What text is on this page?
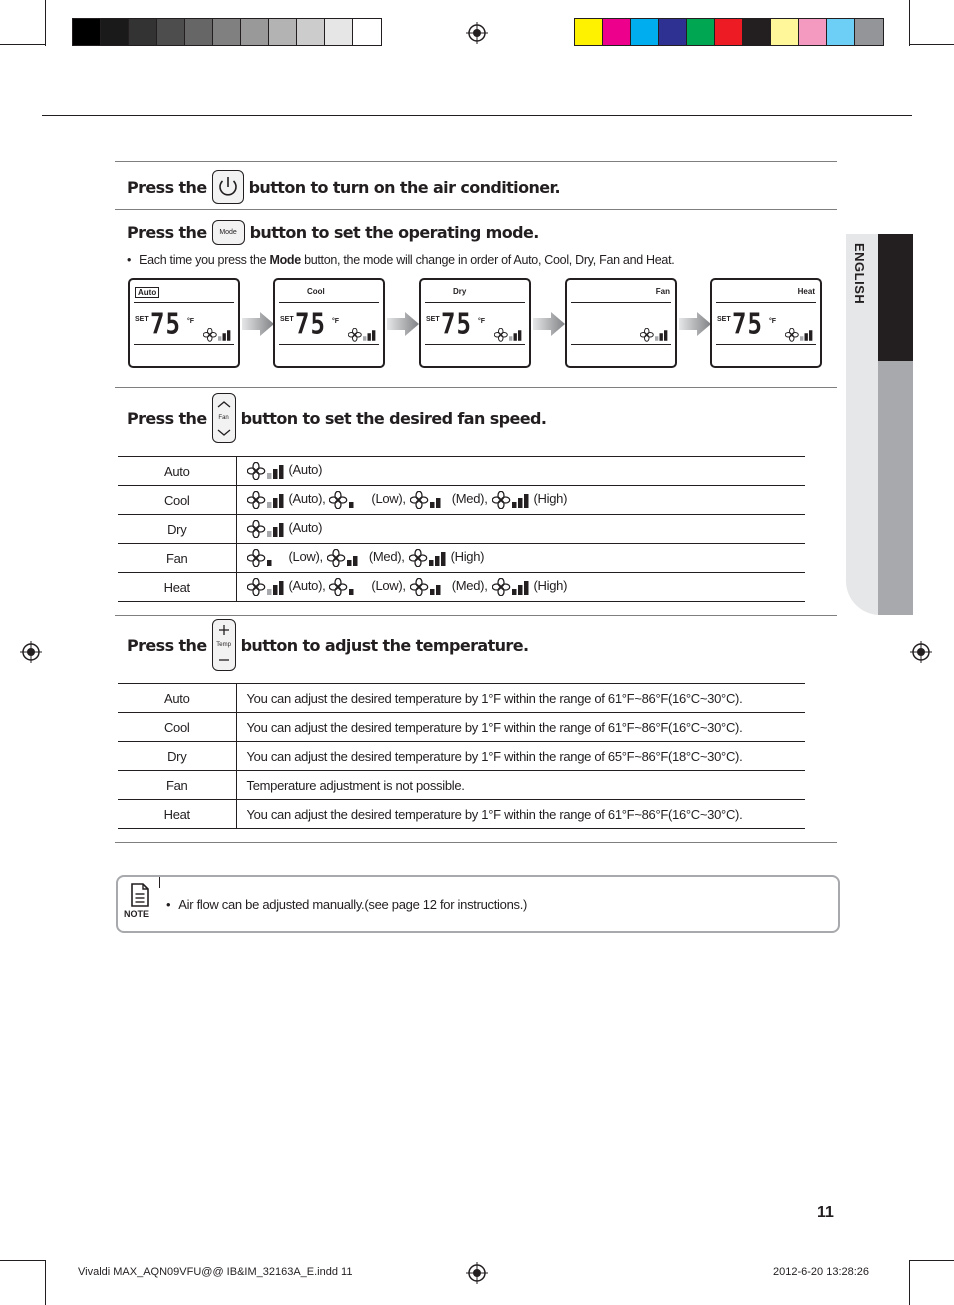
ENGLISH
Press the	button to turn on the air conditioner.
Press the Mode button to set the operating mode.
• Each time you press the Mode button, the mode will change in order of Auto, Cool, Dry, Fan and Heat.
Auto
SET 75 °F
Cool
SET 75 °F
Dry
SET 75 °F
Fan	Heat
SET 75 °F
Press the	Fan button to set the desired fan speed.
Auto	(Auto)
Cool	(Auto), (Low), (Med), (High)
Dry	(Auto)
Fan	(Low), (Med), (High)
Heat	(Auto), (Low), (Med), (High)
Press the	Temp button to adjust the temperature.
Auto	You can adjust the desired temperature by 1°F within the range of 61°F~86°F(16°C~30°C).
Cool	You can adjust the desired temperature by 1°F within the range of 61°F~86°F(16°C~30°C).
Dry	You can adjust the desired temperature by 1°F within the range of 65°F~86°F(18°C~30°C).
Fan	Temperature adjustment is not possible.
Heat	You can adjust the desired temperature by 1°F within the range of 61°F~86°F(16°C~30°C).
NOTE
• Air flow can be adjusted manually.(see page 12 for instructions.)
11
Vivaldi MAX_AQN09VFU@@ IB&IM_32163A_E.indd 11	2012-6-20 13:28:26
